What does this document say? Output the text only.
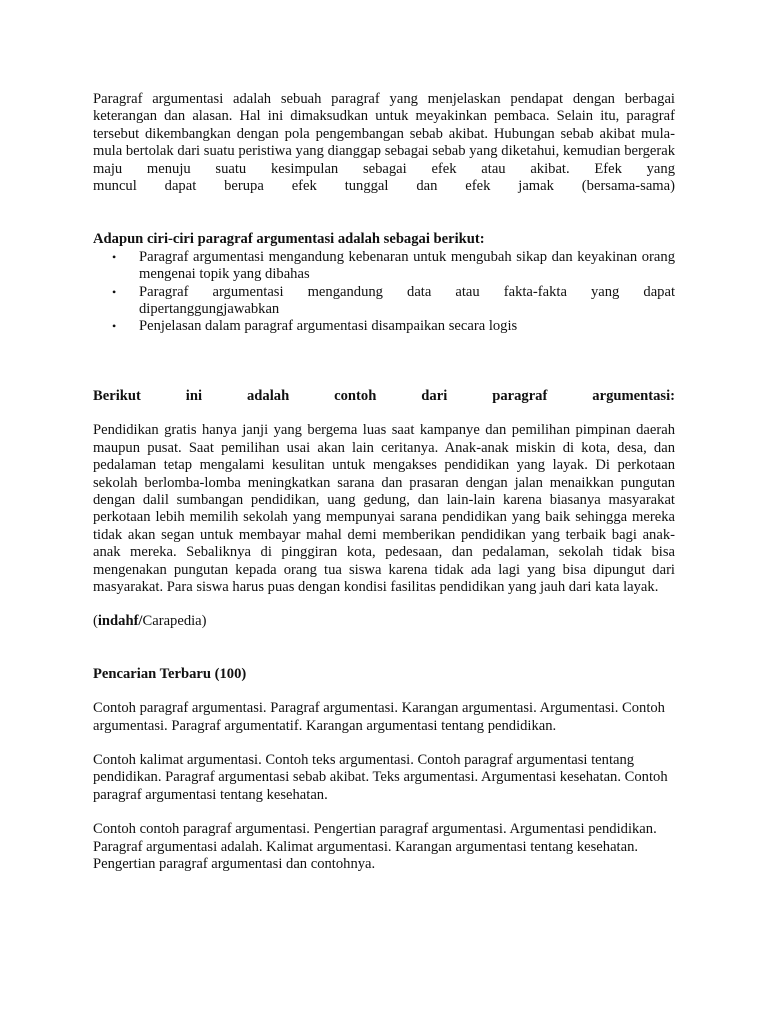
Paragraf argumentasi adalah sebuah paragraf yang menjelaskan pendapat dengan berbagai keterangan dan alasan. Hal ini dimaksudkan untuk meyakinkan pembaca. Selain itu, paragraf tersebut dikembangkan dengan pola pengembangan sebab akibat. Hubungan sebab akibat mula-mula bertolak dari suatu peristiwa yang dianggap sebagai sebab yang diketahui, kemudian bergerak maju menuju suatu kesimpulan sebagai efek atau akibat. Efek yang

muncul dapat berupa efek tunggal dan efek jamak (bersama-sama)

Adapun ciri-ciri paragraf argumentasi adalah sebagai berikut:

• Paragraf argumentasi mengandung kebenaran untuk mengubah sikap dan keyakinan orang mengenai topik yang dibahas
• Paragraf argumentasi mengandung data atau fakta-fakta yang dapat dipertanggungjawabkan
• Penjelasan dalam paragraf argumentasi disampaikan secara logis

Berikut ini adalah contoh dari paragraf argumentasi:

Pendidikan gratis hanya janji yang bergema luas saat kampanye dan pemilihan pimpinan daerah maupun pusat. Saat pemilihan usai akan lain ceritanya. Anak-anak miskin di kota, desa, dan pedalaman tetap mengalami kesulitan untuk mengakses pendidikan yang layak. Di perkotaan sekolah berlomba-lomba meningkatkan sarana dan prasaran dengan jalan menaikkan pungutan dengan dalil sumbangan pendidikan, uang gedung, dan lain-lain karena biasanya masyarakat perkotaan lebih memilih sekolah yang mempunyai sarana pendidikan yang baik sehingga mereka tidak akan segan untuk membayar mahal demi memberikan pendidikan yang terbaik bagi anak-anak mereka. Sebaliknya di pinggiran kota, pedesaan, dan pedalaman, sekolah tidak bisa mengenakan pungutan kepada orang tua siswa karena tidak ada lagi yang bisa dipungut dari masyarakat. Para siswa harus puas dengan kondisi fasilitas pendidikan yang jauh dari kata layak.

(indahf/Carapedia)

Pencarian Terbaru (100)

Contoh paragraf argumentasi. Paragraf argumentasi. Karangan argumentasi. Argumentasi. Contoh argumentasi. Paragraf argumentatif. Karangan argumentasi tentang pendidikan.

Contoh kalimat argumentasi. Contoh teks argumentasi. Contoh paragraf argumentasi tentang pendidikan. Paragraf argumentasi sebab akibat. Teks argumentasi. Argumentasi kesehatan. Contoh paragraf argumentasi tentang kesehatan.

Contoh contoh paragraf argumentasi. Pengertian paragraf argumentasi. Argumentasi pendidikan. Paragraf argumentasi adalah. Kalimat argumentasi. Karangan argumentasi tentang kesehatan. Pengertian paragraf argumentasi dan contohnya.
